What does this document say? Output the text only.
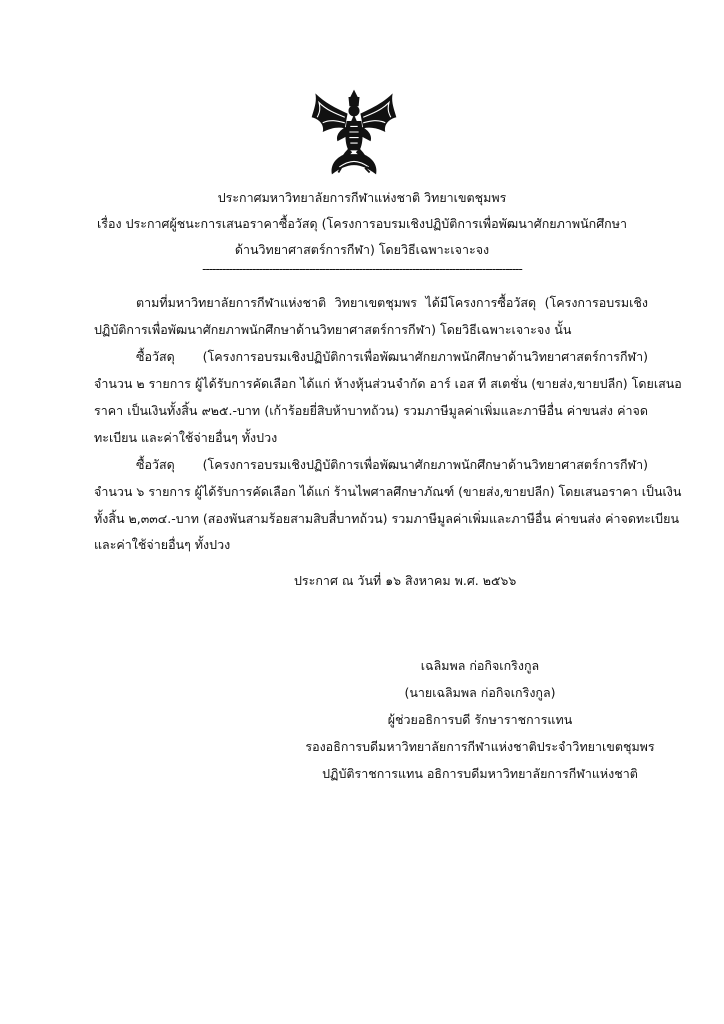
ประกาศมหาวิทยาลัยการกีฬาแห่งชาติ วิทยาเขตชุมพร
เรื่อง ประกาศผู้ชนะการเสนอราคาซื้อวัสดุ (โครงการอบรมเชิงปฏิบัติการเพื่อพัฒนาศักยภาพนักศึกษา
ด้านวิทยาศาสตร์การกีฬา) โดยวิธีเฉพาะเจาะจง
------------------------------------------------------------------------------------------------
ตามที่มหาวิทยาลัยการกีฬาแห่งชาติ วิทยาเขตชุมพร ได้มีโครงการซื้อวัสดุ (โครงการอบรมเชิง
ปฏิบัติการเพื่อพัฒนาศักยภาพนักศึกษาด้านวิทยาศาสตร์การกีฬา) โดยวิธีเฉพาะเจาะจง นั้น
ซื้อวัสดุ (โครงการอบรมเชิงปฏิบัติการเพื่อพัฒนาศักยภาพนักศึกษาด้านวิทยาศาสตร์การกีฬา)
จำนวน ๒ รายการ ผู้ได้รับการคัดเลือก ได้แก่ ห้างหุ้นส่วนจำกัด อาร์ เอส ที สเตชั่น (ขายส่ง,ขายปลีก) โดยเสนอ
ราคา เป็นเงินทั้งสิ้น ๙๒๕.-บาท (เก้าร้อยยี่สิบห้าบาทถ้วน) รวมภาษีมูลค่าเพิ่มและภาษีอื่น ค่าขนส่ง ค่าจด
ทะเบียน และค่าใช้จ่ายอื่นๆ ทั้งปวง
ซื้อวัสดุ (โครงการอบรมเชิงปฏิบัติการเพื่อพัฒนาศักยภาพนักศึกษาด้านวิทยาศาสตร์การกีฬา)
จำนวน ๖ รายการ ผู้ได้รับการคัดเลือก ได้แก่ ร้านไพศาลศึกษาภัณฑ์ (ขายส่ง,ขายปลีก) โดยเสนอราคา เป็นเงิน
ทั้งสิ้น ๒,๓๓๔.-บาท (สองพันสามร้อยสามสิบสี่บาทถ้วน) รวมภาษีมูลค่าเพิ่มและภาษีอื่น ค่าขนส่ง ค่าจดทะเบียน
และค่าใช้จ่ายอื่นๆ ทั้งปวง
ประกาศ ณ วันที่ ๑๖ สิงหาคม พ.ศ. ๒๕๖๖
เฉลิมพล ก่อกิจเกริงกูล
(นายเฉลิมพล ก่อกิจเกริงกูล)
ผู้ช่วยอธิการบดี รักษาราชการแทน
รองอธิการบดีมหาวิทยาลัยการกีฬาแห่งชาติประจำวิทยาเขตชุมพร
ปฏิบัติราชการแทน อธิการบดีมหาวิทยาลัยการกีฬาแห่งชาติ
